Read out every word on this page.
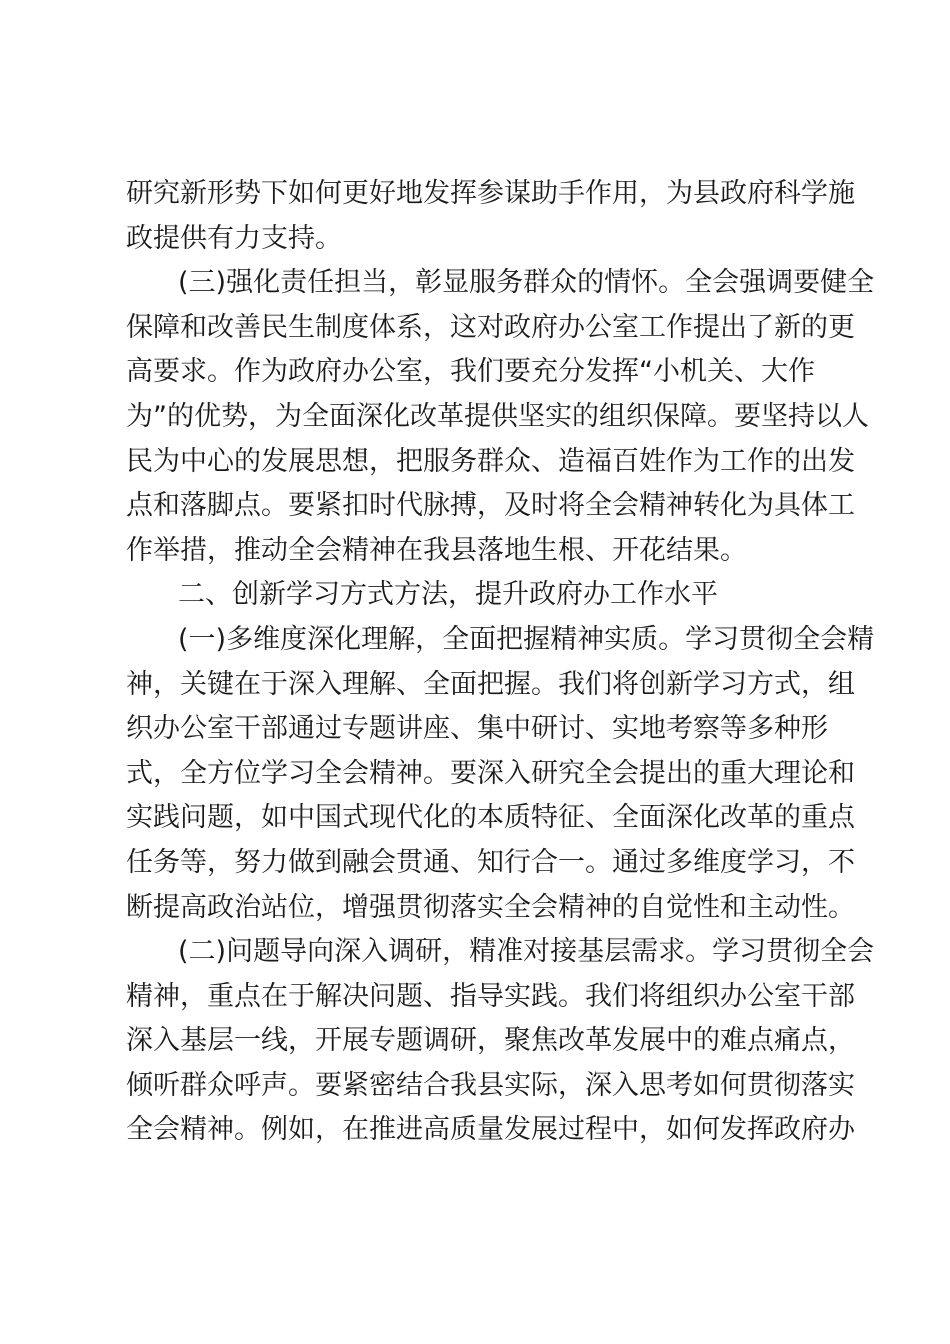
研究新形势下如何更好地发挥参谋助手作用，为县政府科学施
政提供有力支持。
(三)强化责任担当，彰显服务群众的情怀。全会强调要健全
保障和改善民生制度体系，这对政府办公室工作提出了新的更
高要求。作为政府办公室，我们要充分发挥“小机关、大作
为”的优势，为全面深化改革提供坚实的组织保障。要坚持以人
民为中心的发展思想，把服务群众、造福百姓作为工作的出发
点和落脚点。要紧扣时代脉搏，及时将全会精神转化为具体工
作举措，推动全会精神在我县落地生根、开花结果。
二、创新学习方式方法，提升政府办工作水平
(一)多维度深化理解，全面把握精神实质。学习贯彻全会精
神，关键在于深入理解、全面把握。我们将创新学习方式，组
织办公室干部通过专题讲座、集中研讨、实地考察等多种形
式，全方位学习全会精神。要深入研究全会提出的重大理论和
实践问题，如中国式现代化的本质特征、全面深化改革的重点
任务等，努力做到融会贯通、知行合一。通过多维度学习，不
断提高政治站位，增强贯彻落实全会精神的自觉性和主动性。
(二)问题导向深入调研，精准对接基层需求。学习贯彻全会
精神，重点在于解决问题、指导实践。我们将组织办公室干部
深入基层一线，开展专题调研，聚焦改革发展中的难点痛点，
倾听群众呼声。要紧密结合我县实际，深入思考如何贯彻落实
全会精神。例如，在推进高质量发展过程中，如何发挥政府办
